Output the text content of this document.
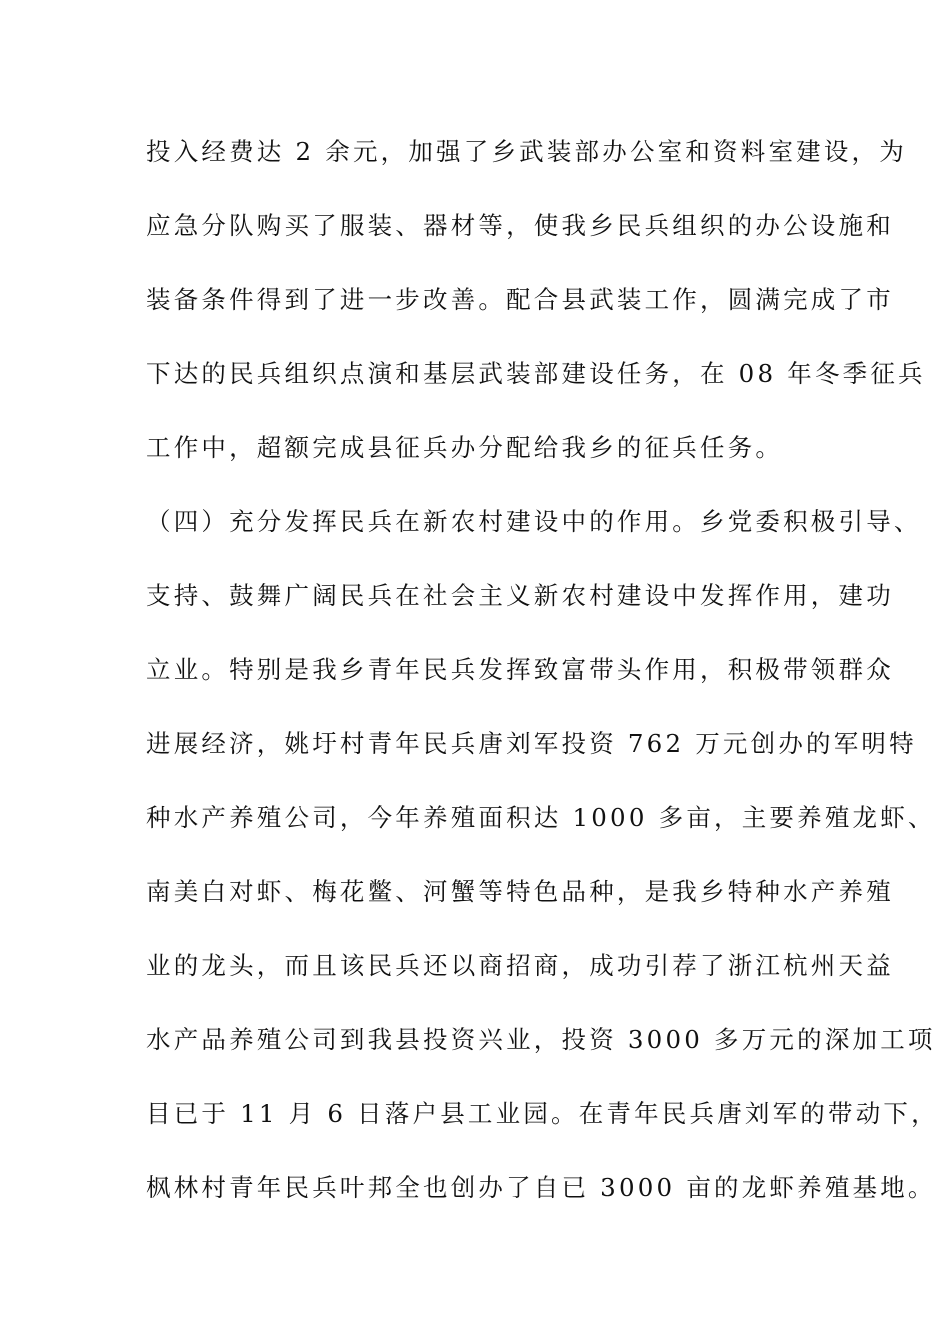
投入经费达 2 余元，加强了乡武装部办公室和资料室建设，为
应急分队购买了服装、器材等，使我乡民兵组织的办公设施和
装备条件得到了进一步改善。配合县武装工作，圆满完成了市
下达的民兵组织点演和基层武装部建设任务，在 08 年冬季征兵
工作中，超额完成县征兵办分配给我乡的征兵任务。
（四）充分发挥民兵在新农村建设中的作用。乡党委积极引导、
支持、鼓舞广阔民兵在社会主义新农村建设中发挥作用，建功
立业。特别是我乡青年民兵发挥致富带头作用，积极带领群众
进展经济，姚圩村青年民兵唐刘军投资 762 万元创办的军明特
种水产养殖公司，今年养殖面积达 1000 多亩，主要养殖龙虾、
南美白对虾、梅花鳖、河蟹等特色品种，是我乡特种水产养殖
业的龙头，而且该民兵还以商招商，成功引荐了浙江杭州天益
水产品养殖公司到我县投资兴业，投资 3000 多万元的深加工项
目已于 11 月 6 日落户县工业园。在青年民兵唐刘军的带动下，
枫林村青年民兵叶邦全也创办了自已 3000 亩的龙虾养殖基地。
